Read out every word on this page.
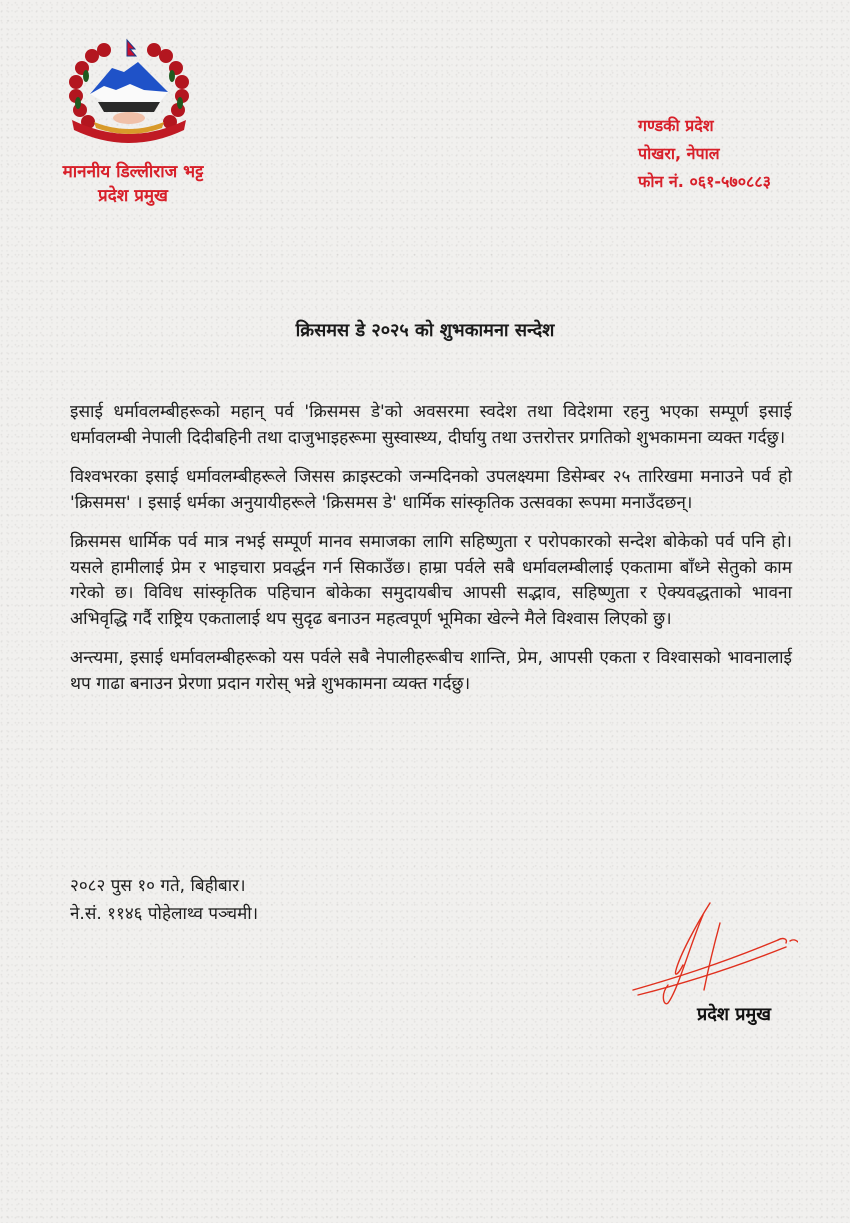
माननीय डिल्लीराज भट्ट
प्रदेश प्रमुख
गण्डकी प्रदेश
पोखरा, नेपाल
फोन नं. ०६१-५७०८८३
क्रिसमस डे २०२५ को शुभकामना सन्देश

इसाई धर्मावलम्बीहरूको महान् पर्व 'क्रिसमस डे'को अवसरमा स्वदेश तथा विदेशमा रहनु भएका सम्पूर्ण इसाई धर्मावलम्बी नेपाली दिदीबहिनी तथा दाजुभाइहरूमा सुस्वास्थ्य, दीर्घायु तथा उत्तरोत्तर प्रगतिको शुभकामना व्यक्त गर्दछु।

विश्वभरका इसाई धर्मावलम्बीहरूले जिसस क्राइस्टको जन्मदिनको उपलक्ष्यमा डिसेम्बर २५ तारिखमा मनाउने पर्व हो 'क्रिसमस' । इसाई धर्मका अनुयायीहरूले 'क्रिसमस डे' धार्मिक सांस्कृतिक उत्सवका रूपमा मनाउँदछन्।

क्रिसमस धार्मिक पर्व मात्र नभई सम्पूर्ण मानव समाजका लागि सहिष्णुता र परोपकारको सन्देश बोकेको पर्व पनि हो। यसले हामीलाई प्रेम र भाइचारा प्रवर्द्धन गर्न सिकाउँछ। हाम्रा पर्वले सबै धर्मावलम्बीलाई एकतामा बाँध्ने सेतुको काम गरेको छ। विविध सांस्कृतिक पहिचान बोकेका समुदायबीच आपसी सद्भाव, सहिष्णुता र ऐक्यवद्धताको भावना अभिवृद्धि गर्दै राष्ट्रिय एकतालाई थप सुदृढ बनाउन महत्वपूर्ण भूमिका खेल्ने मैले विश्वास लिएको छु।

अन्त्यमा, इसाई धर्मावलम्बीहरूको यस पर्वले सबै नेपालीहरूबीच शान्ति, प्रेम, आपसी एकता र विश्वासको भावनालाई थप गाढा बनाउन प्रेरणा प्रदान गरोस् भन्ने शुभकामना व्यक्त गर्दछु।

२०८२ पुस १० गते, बिहीबार।
ने.सं. ११४६ पोहेलाथ्व पञ्चमी।
प्रदेश प्रमुख
